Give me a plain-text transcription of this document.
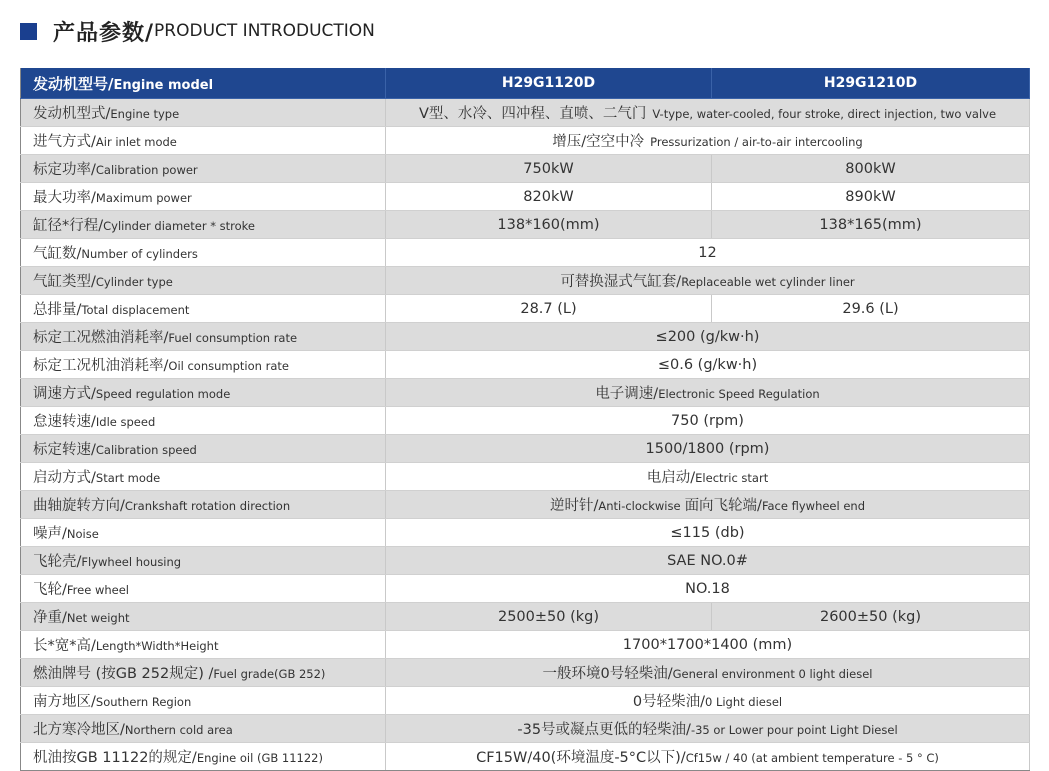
产品参数/ PRODUCT INTRODUCTION
发动机型号/Engine model	H29G1120D	H29G1210D
发动机型式/Engine type	V型、水冷、四冲程、直喷、二气门 V-type, water-cooled, four stroke, direct injection, two valve	
进气方式/Air inlet mode	增压/空空中冷 Pressurization / air-to-air intercooling	
标定功率/Calibration power	750kW	800kW
最大功率/Maximum power	820kW	890kW
缸径*行程/Cylinder diameter * stroke	138*160(mm)	138*165(mm)
气缸数/Number of cylinders	12	
气缸类型/Cylinder type	可替换湿式气缸套/Replaceable wet cylinder liner	
总排量/Total displacement	28.7 (L)	29.6 (L)
标定工况燃油消耗率/Fuel consumption rate	≤200 (g/kw·h)	
标定工况机油消耗率/Oil consumption rate	≤0.6 (g/kw·h)	
调速方式/Speed regulation mode	电子调速/Electronic Speed Regulation	
怠速转速/Idle speed	750 (rpm)	
标定转速/Calibration speed	1500/1800 (rpm)	
启动方式/Start mode	电启动/Electric start	
曲轴旋转方向/Crankshaft rotation direction	逆时针/Anti-clockwise 面向飞轮端/Face flywheel end	
噪声/Noise	≤115 (db)	
飞轮壳/Flywheel housing	SAE NO.0#	
飞轮/Free wheel	NO.18	
净重/Net weight	2500±50 (kg)	2600±50 (kg)
长*宽*高/Length*Width*Height	1700*1700*1400 (mm)	
燃油牌号 (按GB 252规定) /Fuel grade(GB 252)	一般环境0号轻柴油/General environment 0 light diesel	
南方地区/Southern Region	0号轻柴油/0 Light diesel	
北方寒冷地区/Northern cold area	-35号或凝点更低的轻柴油/-35 or Lower pour point Light Diesel	
机油按GB 11122的规定/Engine oil (GB 11122)	CF15W/40(环境温度-5°C以下)/Cf15w / 40 (at ambient temperature - 5 ° C)	
